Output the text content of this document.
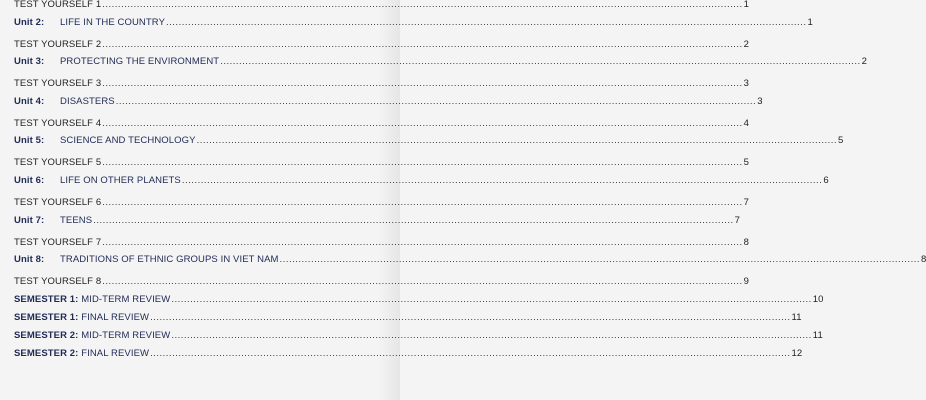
TEST YOURSELF 1 .....	1
Unit 2: LIFE IN THE COUNTRY .....	1
TEST YOURSELF 2 .....	2
Unit 3: PROTECTING THE ENVIRONMENT .....	2
TEST YOURSELF 3 .....	3
Unit 4: DISASTERS .....	3
TEST YOURSELF 4 .....	4
Unit 5: SCIENCE AND TECHNOLOGY .....	5
TEST YOURSELF 5 .....	5
Unit 6: LIFE ON OTHER PLANETS .....	6
TEST YOURSELF 6 .....	7
Unit 7: TEENS .....	7
TEST YOURSELF 7 .....	8
Unit 8: TRADITIONS OF ETHNIC GROUPS IN VIET NAM .....	8
TEST YOURSELF 8 .....	9
SEMESTER 1: MID-TERM REVIEW .....	10
SEMESTER 1: FINAL REVIEW .....	11
SEMESTER 2: MID-TERM REVIEW .....	11
SEMESTER 2: FINAL REVIEW .....	12
